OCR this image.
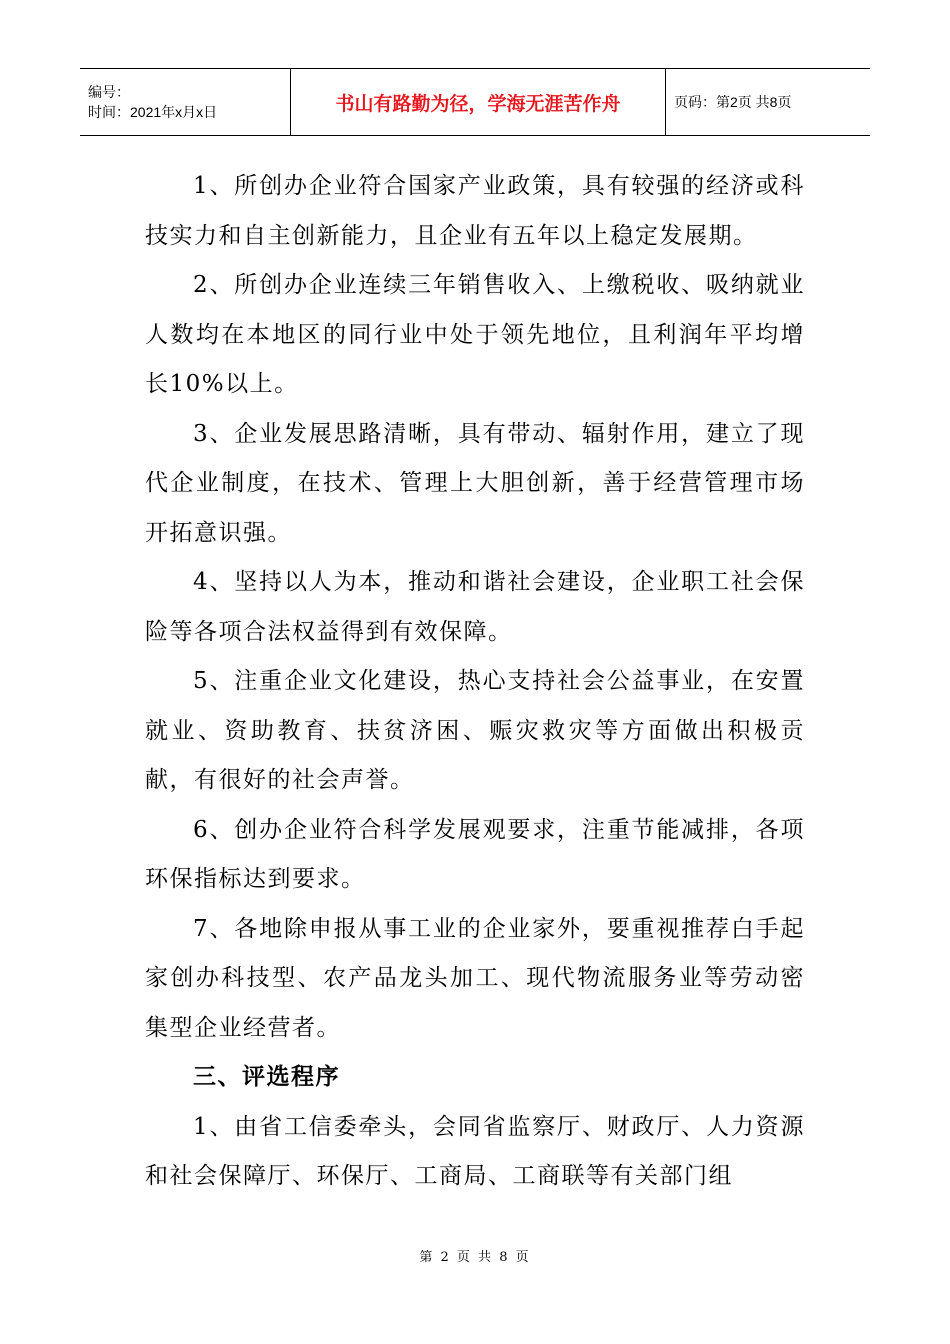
编号：
时间：2021年x月x日	书山有路勤为径，学海无涯苦作舟	页码：第2页 共8页

1、所创办企业符合国家产业政策，具有较强的经济或科技实力和自主创新能力，且企业有五年以上稳定发展期。

2、所创办企业连续三年销售收入、上缴税收、吸纳就业人数均在本地区的同行业中处于领先地位，且利润年平均增长10%以上。

3、企业发展思路清晰，具有带动、辐射作用，建立了现代企业制度，在技术、管理上大胆创新，善于经营管理市场开拓意识强。

4、坚持以人为本，推动和谐社会建设，企业职工社会保险等各项合法权益得到有效保障。

5、注重企业文化建设，热心支持社会公益事业，在安置就业、资助教育、扶贫济困、赈灾救灾等方面做出积极贡献，有很好的社会声誉。

6、创办企业符合科学发展观要求，注重节能减排，各项环保指标达到要求。

7、各地除申报从事工业的企业家外，要重视推荐白手起家创办科技型、农产品龙头加工、现代物流服务业等劳动密集型企业经营者。

三、评选程序

1、由省工信委牵头，会同省监察厅、财政厅、人力资源和社会保障厅、环保厅、工商局、工商联等有关部门组

第 2 页 共 8 页
